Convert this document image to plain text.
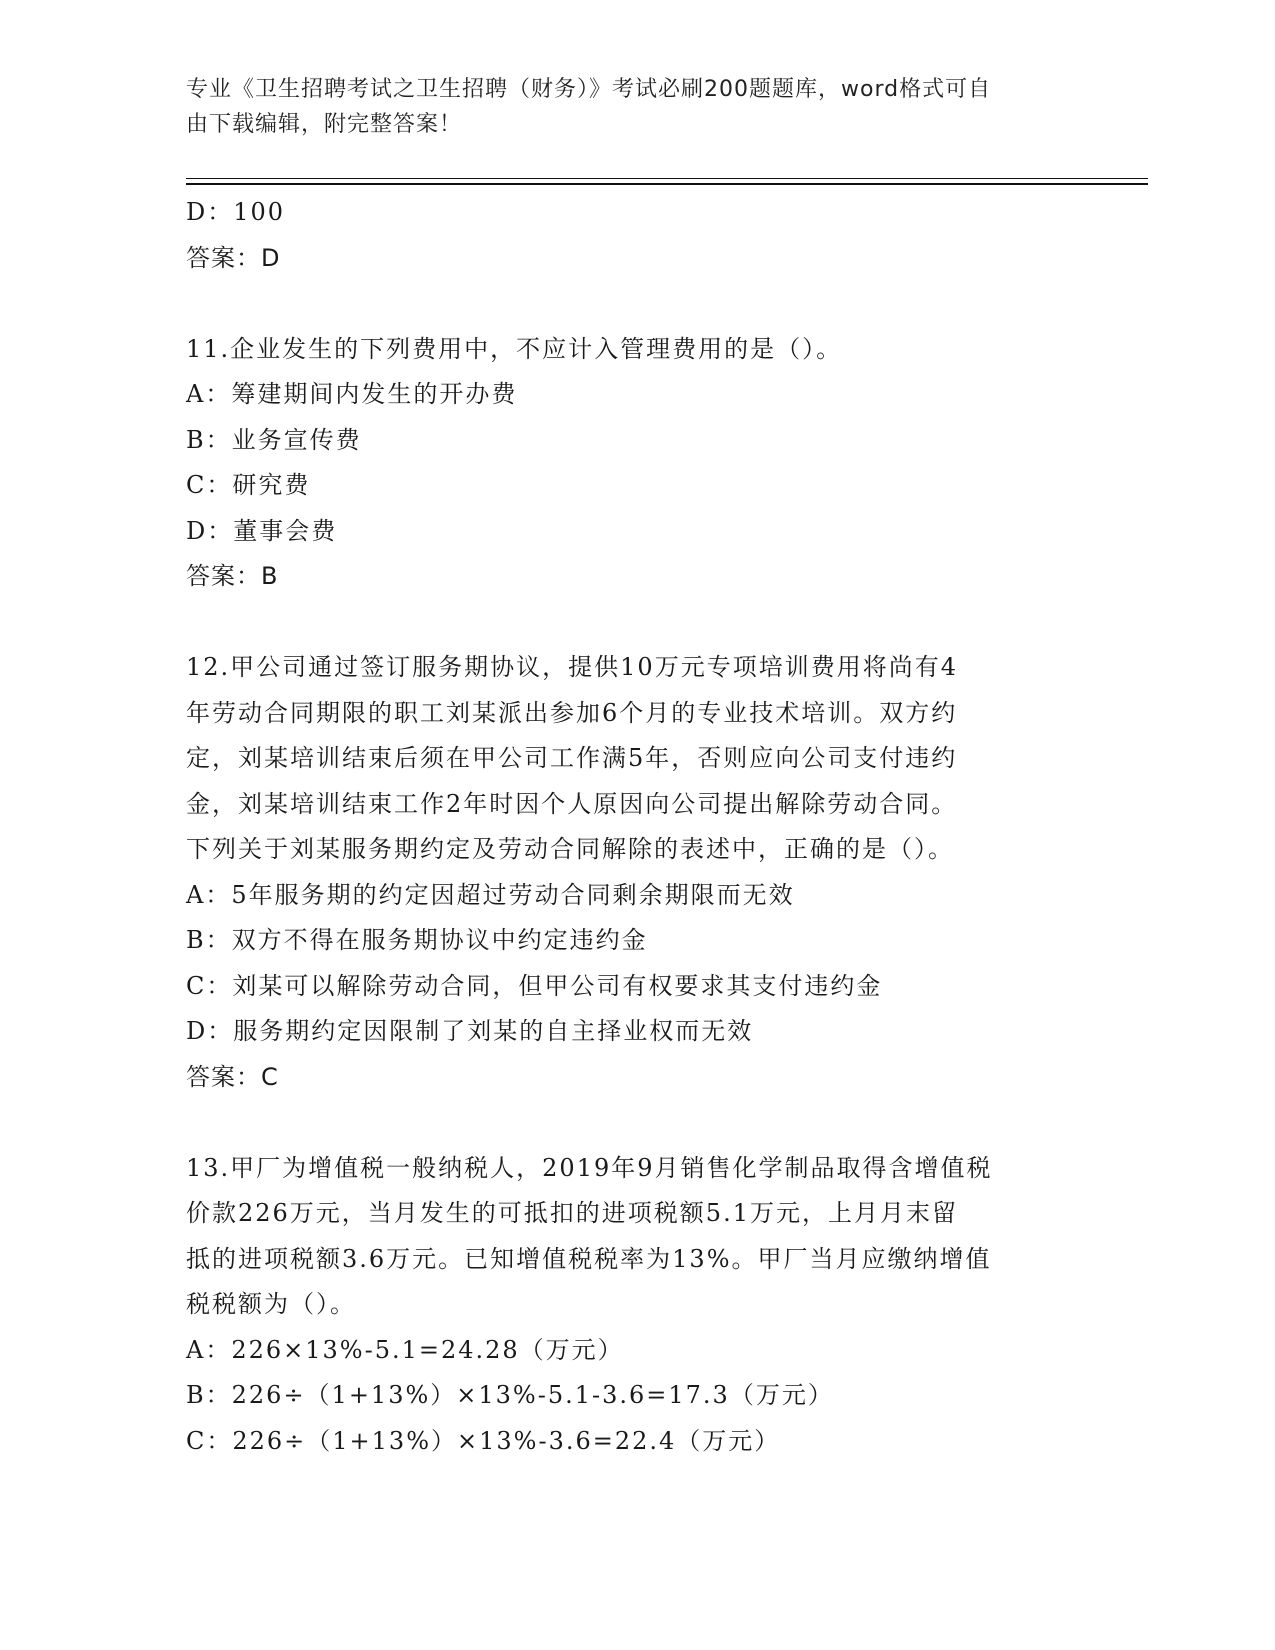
专业《卫生招聘考试之卫生招聘（财务）》考试必刷200题题库，word格式可自
由下载编辑，附完整答案！
D：100
答案：D
11.企业发生的下列费用中，不应计入管理费用的是（）。
A：筹建期间内发生的开办费
B：业务宣传费
C：研究费
D：董事会费
答案：B
12.甲公司通过签订服务期协议，提供10万元专项培训费用将尚有4
年劳动合同期限的职工刘某派出参加6个月的专业技术培训。双方约
定，刘某培训结束后须在甲公司工作满5年，否则应向公司支付违约
金，刘某培训结束工作2年时因个人原因向公司提出解除劳动合同。
下列关于刘某服务期约定及劳动合同解除的表述中，正确的是（）。
A：5年服务期的约定因超过劳动合同剩余期限而无效
B：双方不得在服务期协议中约定违约金
C：刘某可以解除劳动合同，但甲公司有权要求其支付违约金
D：服务期约定因限制了刘某的自主择业权而无效
答案：C
13.甲厂为增值税一般纳税人，2019年9月销售化学制品取得含增值税
价款226万元，当月发生的可抵扣的进项税额5.1万元，上月月末留
抵的进项税额3.6万元。已知增值税税率为13%。甲厂当月应缴纳增值
税税额为（）。
A：226×13%-5.1=24.28（万元）
B：226÷（1+13%）×13%-5.1-3.6=17.3（万元）
C：226÷（1+13%）×13%-3.6=22.4（万元）
